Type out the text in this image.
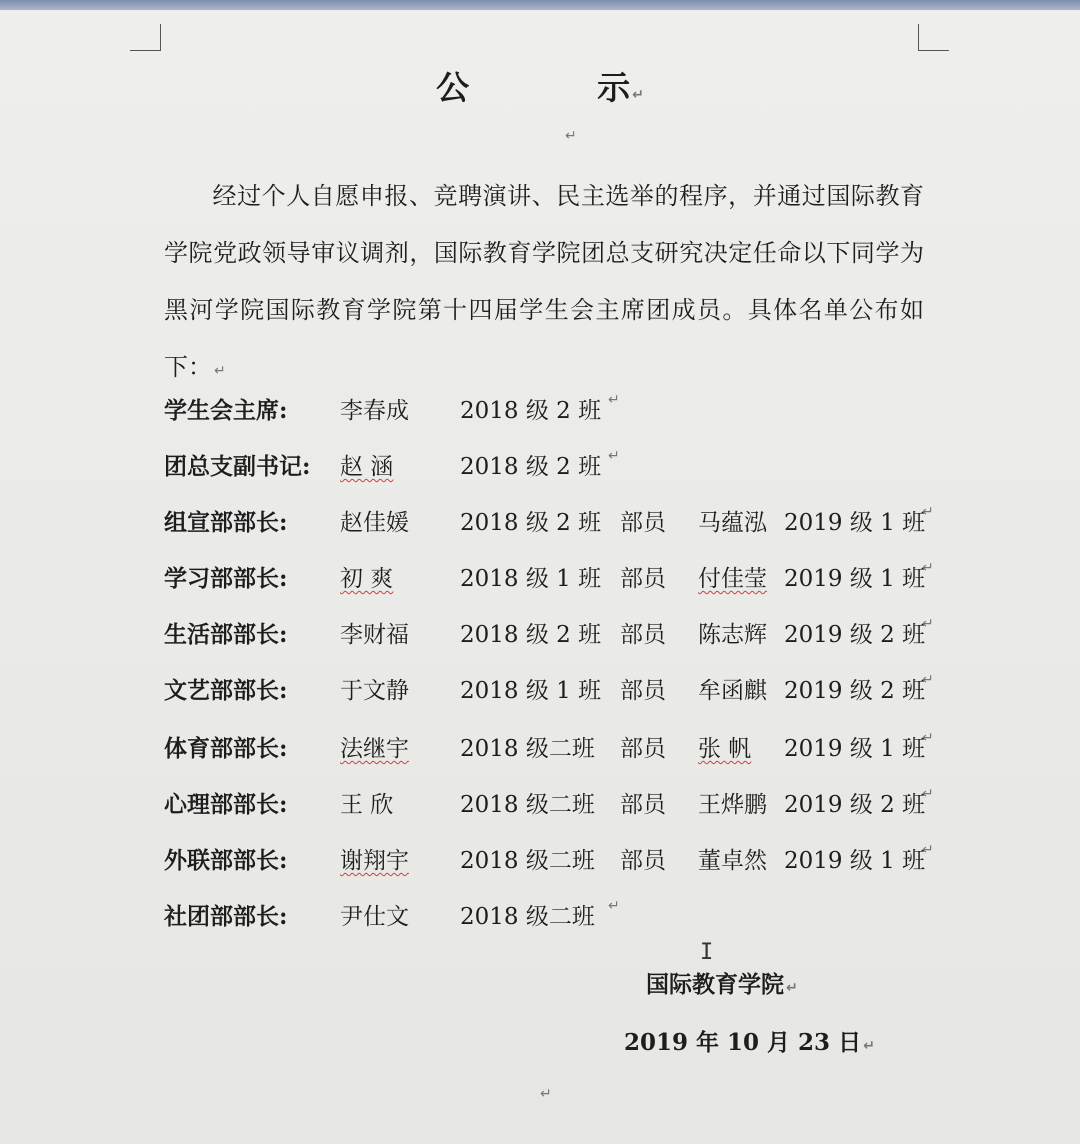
公	示 ↵
↵
经过个人自愿申报、竞聘演讲、民主选举的程序，并通过国际教育学院党政领导审议调剂，国际教育学院团总支研究决定任命以下同学为黑河学院国际教育学院第十四届学生会主席团成员。具体名单公布如下： ↵
学生会主席: 李春成 2018 级 2 班 ↵
团总支副书记: 赵 涵	2018 级 2 班 ↵
组宣部部长: 赵佳媛 2018 级 2 班 部员 马蕴泓 2019 级 1 班
↵
学习部部长: 初 爽	2018 级 1 班 部员 付佳莹 2019 级 1 班
↵
生活部部长: 李财福 2018 级 2 班 部员 陈志辉 2019 级 2 班
↵
文艺部部长: 于文静 2018 级 1 班 部员 牟函麒 2019 级 2 班
↵
体育部部长: 法继宇 2018 级二班 部员 张 帆 2019 级 1 班
↵
心理部部长: 王 欣	2018 级二班 部员 王烨鹏 2019 级 2 班
↵
外联部部长: 谢翔宇 2018 级二班 部员 董卓然 2019 级 1 班
↵
社团部部长: 尹仕文 2018 级二班 ↵
I
国际教育学院 ↵
2019 年 10 月 23 日 ↵
↵
